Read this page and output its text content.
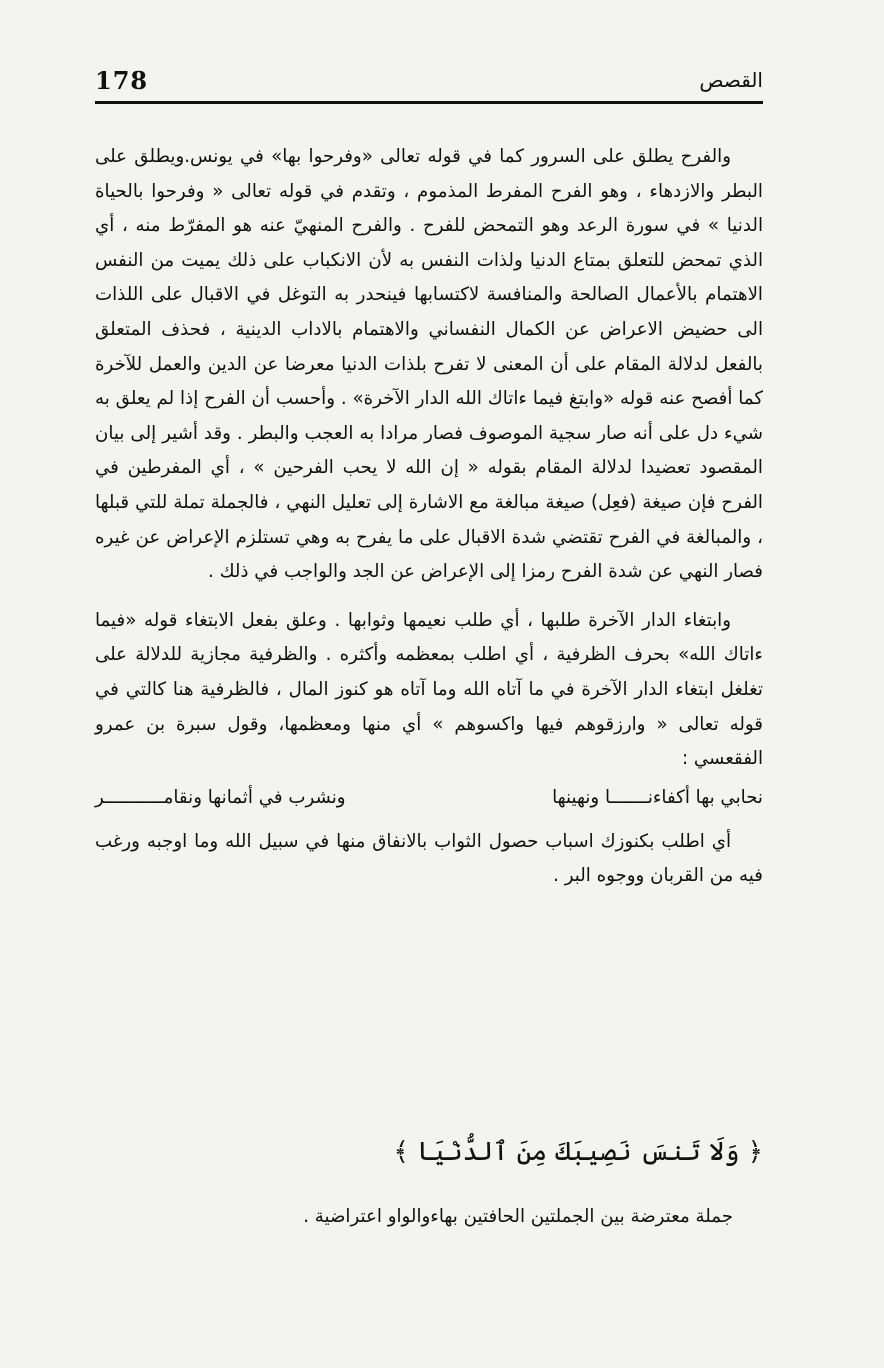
178	القصص

والفرح يطلق على السرور كما في قوله تعالى «وفرحوا بها» في يونس.ويطلق على البطر والازدهاء ، وهو الفرح المفرط المذموم ، وتقدم في قوله تعالى « وفرحوا بالحياة الدنيا » في سورة الرعد وهو التمحض للفرح . والفرح المنهيّ عنه هو المفرّط منه ، أي الذي تمحض للتعلق بمتاع الدنيا ولذات النفس به لأن الانكباب على ذلك يميت من النفس الاهتمام بالأعمال الصالحة والمنافسة لاكتسابها فينحدر به التوغل في الاقبال على اللذات الى حضيض الاعراض عن الكمال النفساني والاهتمام بالاداب الدينية ، فحذف المتعلق بالفعل لدلالة المقام على أن المعنى لا تفرح بلذات الدنيا معرضا عن الدين والعمل للآخرة كما أفصح عنه قوله «وابتغ فيما ءاتاك الله الدار الآخرة» . وأحسب أن الفرح إذا لم يعلق به شيء دل على أنه صار سجية الموصوف فصار مرادا به العجب والبطر . وقد أشير إلى بيان المقصود تعضيدا لدلالة المقام بقوله « إن الله لا يحب الفرحين » ، أي المفرطين في الفرح فإن صيغة (فعِل) صيغة مبالغة مع الاشارة إلى تعليل النهي ، فالجملة تملة للتي قبلها ، والمبالغة في الفرح تقتضي شدة الاقبال على ما يفرح به وهي تستلزم الإعراض عن غيره فصار النهي عن شدة الفرح رمزا إلى الإعراض عن الجد والواجب في ذلك .

وابتغاء الدار الآخرة طلبها ، أي طلب نعيمها وثوابها . وعلق بفعل الابتغاء قوله «فيما ءاتاك الله» بحرف الظرفية ، أي اطلب بمعظمه وأكثره . والظرفية مجازية للدلالة على تغلغل ابتغاء الدار الآخرة في ما آتاه الله وما آتاه هو كنوز المال ، فالظرفية هنا كالتي في قوله تعالى « وارزقوهم فيها واكسوهم » أي منها ومعظمها، وقول سبرة بن عمرو الفقعسي :

نحابي بها أكفاءنـــــــا ونهينها
ونشرب في أثمانها ونقامـــــــــــر

أي اطلب بكنوزك اسباب حصول الثواب بالانفاق منها في سبيل الله وما اوجبه ورغب فيه من القربان ووجوه البر .

﴿ وَلَا تَنسَ نَصِيبَكَ مِنَ ٱلدُّنْيَا ﴾
جملة معترضة بين الجملتين الحافتين بهاءوالواو اعتراضية .
